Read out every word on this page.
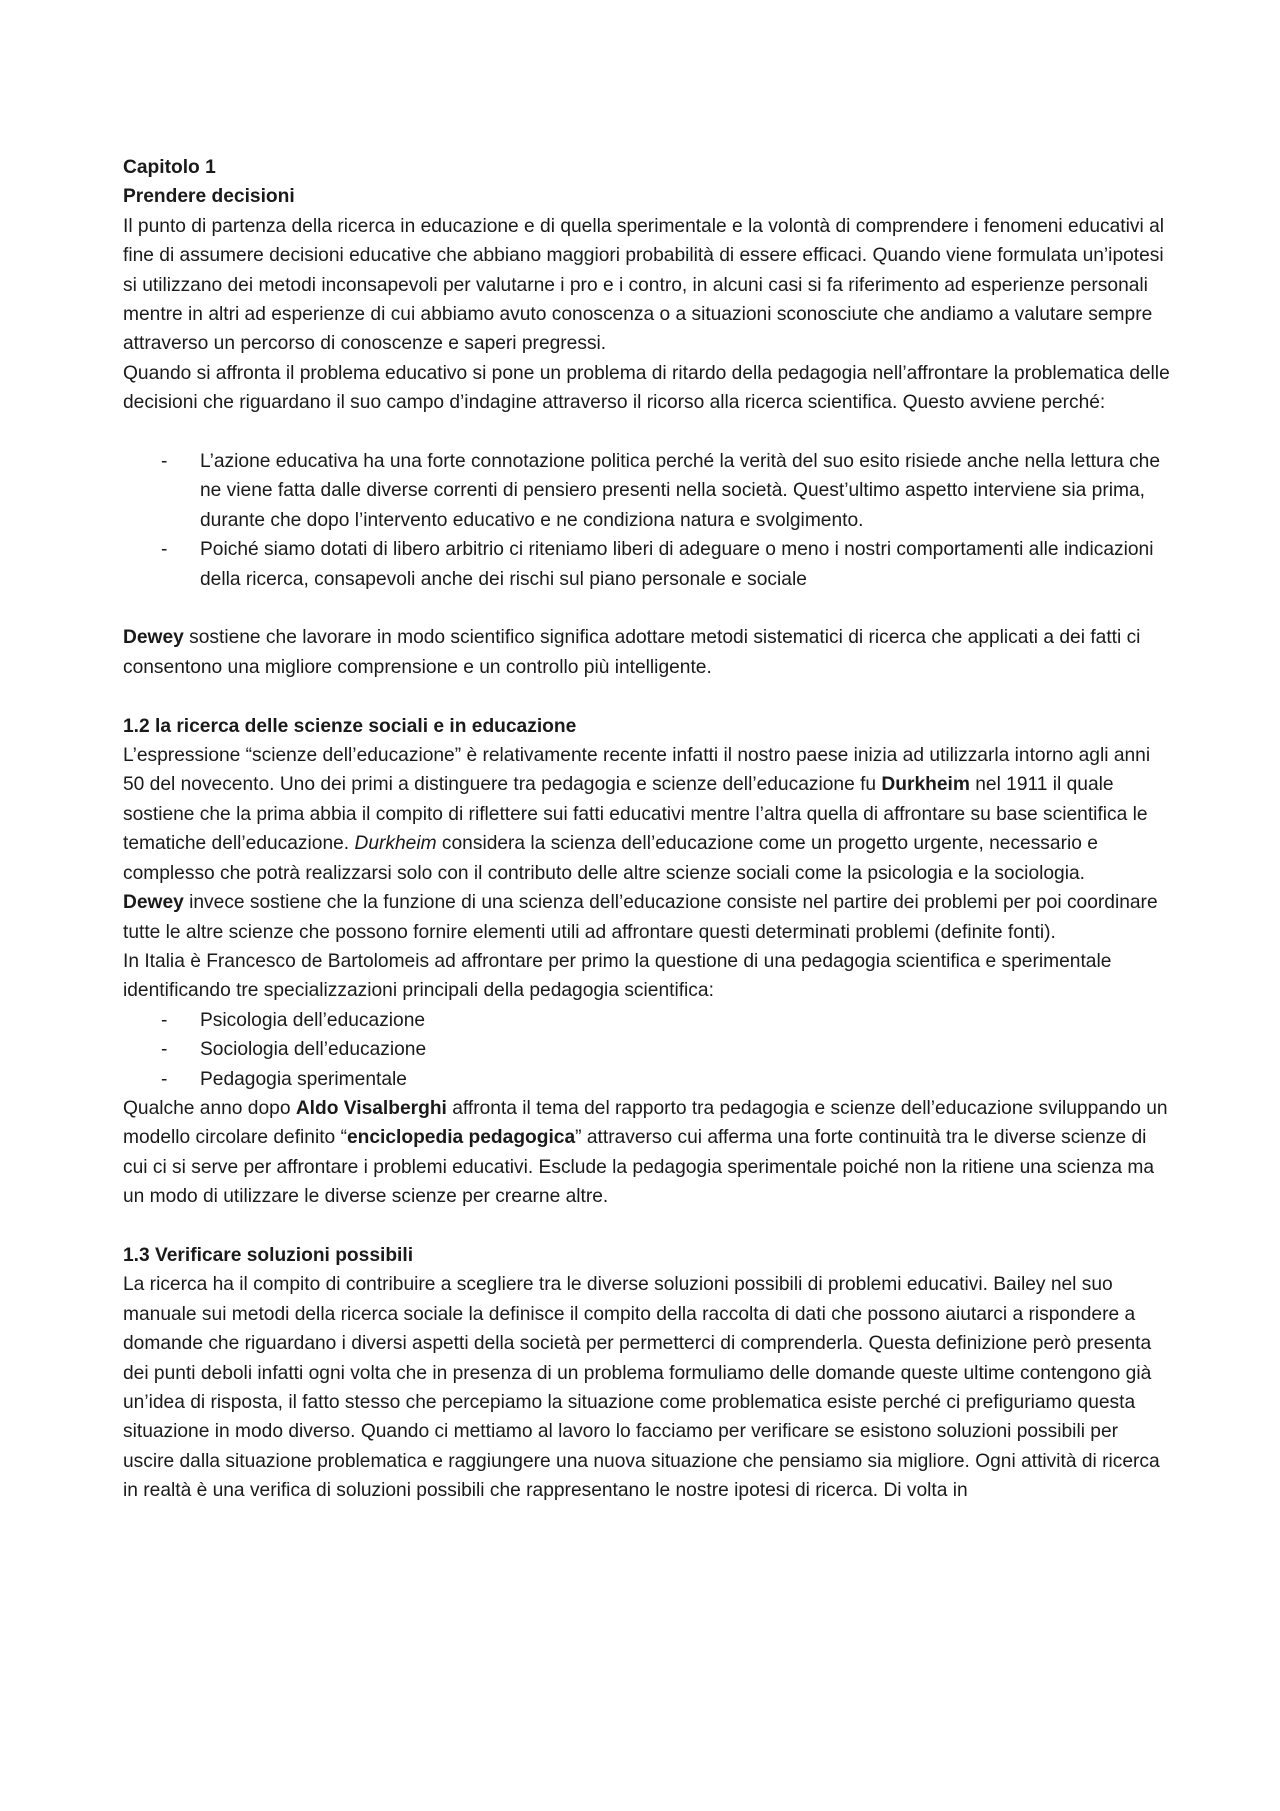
Capitolo 1

Prendere decisioni

Il punto di partenza della ricerca in educazione e di quella sperimentale e la volontà di comprendere i fenomeni educativi al fine di assumere decisioni educative che abbiano maggiori probabilità di essere efficaci. Quando viene formulata un’ipotesi si utilizzano dei metodi inconsapevoli per valutarne i pro e i contro, in alcuni casi si fa riferimento ad esperienze personali mentre in altri ad esperienze di cui abbiamo avuto conoscenza o a situazioni sconosciute che andiamo a valutare sempre attraverso un percorso di conoscenze e saperi pregressi.

Quando si affronta il problema educativo si pone un problema di ritardo della pedagogia nell’affrontare la problematica delle decisioni che riguardano il suo campo d’indagine attraverso il ricorso alla ricerca scientifica. Questo avviene perché:

- L’azione educativa ha una forte connotazione politica perché la verità del suo esito risiede anche nella lettura che ne viene fatta dalle diverse correnti di pensiero presenti nella società. Quest’ultimo aspetto interviene sia prima, durante che dopo l’intervento educativo e ne condiziona natura e svolgimento.
- Poiché siamo dotati di libero arbitrio ci riteniamo liberi di adeguare o meno i nostri comportamenti alle indicazioni della ricerca, consapevoli anche dei rischi sul piano personale e sociale

Dewey sostiene che lavorare in modo scientifico significa adottare metodi sistematici di ricerca che applicati a dei fatti ci consentono una migliore comprensione e un controllo più intelligente.

1.2 la ricerca delle scienze sociali e in educazione

L’espressione “scienze dell’educazione” è relativamente recente infatti il nostro paese inizia ad utilizzarla intorno agli anni 50 del novecento. Uno dei primi a distinguere tra pedagogia e scienze dell’educazione fu Durkheim nel 1911 il quale sostiene che la prima abbia il compito di riflettere sui fatti educativi mentre l’altra quella di affrontare su base scientifica le tematiche dell’educazione. Durkheim considera la scienza dell’educazione come un progetto urgente, necessario e complesso che potrà realizzarsi solo con il contributo delle altre scienze sociali come la psicologia e la sociologia.

Dewey invece sostiene che la funzione di una scienza dell’educazione consiste nel partire dei problemi per poi coordinare tutte le altre scienze che possono fornire elementi utili ad affrontare questi determinati problemi (definite fonti).

In Italia è Francesco de Bartolomeis ad affrontare per primo la questione di una pedagogia scientifica e sperimentale identificando tre specializzazioni principali della pedagogia scientifica:

- Psicologia dell’educazione
- Sociologia dell’educazione
- Pedagogia sperimentale

Qualche anno dopo Aldo Visalberghi affronta il tema del rapporto tra pedagogia e scienze dell’educazione sviluppando un modello circolare definito “enciclopedia pedagogica” attraverso cui afferma una forte continuità tra le diverse scienze di cui ci si serve per affrontare i problemi educativi. Esclude la pedagogia sperimentale poiché non la ritiene una scienza ma un modo di utilizzare le diverse scienze per crearne altre.

1.3 Verificare soluzioni possibili

La ricerca ha il compito di contribuire a scegliere tra le diverse soluzioni possibili di problemi educativi. Bailey nel suo manuale sui metodi della ricerca sociale la definisce il compito della raccolta di dati che possono aiutarci a rispondere a domande che riguardano i diversi aspetti della società per permetterci di comprenderla. Questa definizione però presenta dei punti deboli infatti ogni volta che in presenza di un problema formuliamo delle domande queste ultime contengono già un’idea di risposta, il fatto stesso che percepiamo la situazione come problematica esiste perché ci prefiguriamo questa situazione in modo diverso. Quando ci mettiamo al lavoro lo facciamo per verificare se esistono soluzioni possibili per uscire dalla situazione problematica e raggiungere una nuova situazione che pensiamo sia migliore. Ogni attività di ricerca in realtà è una verifica di soluzioni possibili che rappresentano le nostre ipotesi di ricerca. Di volta in
